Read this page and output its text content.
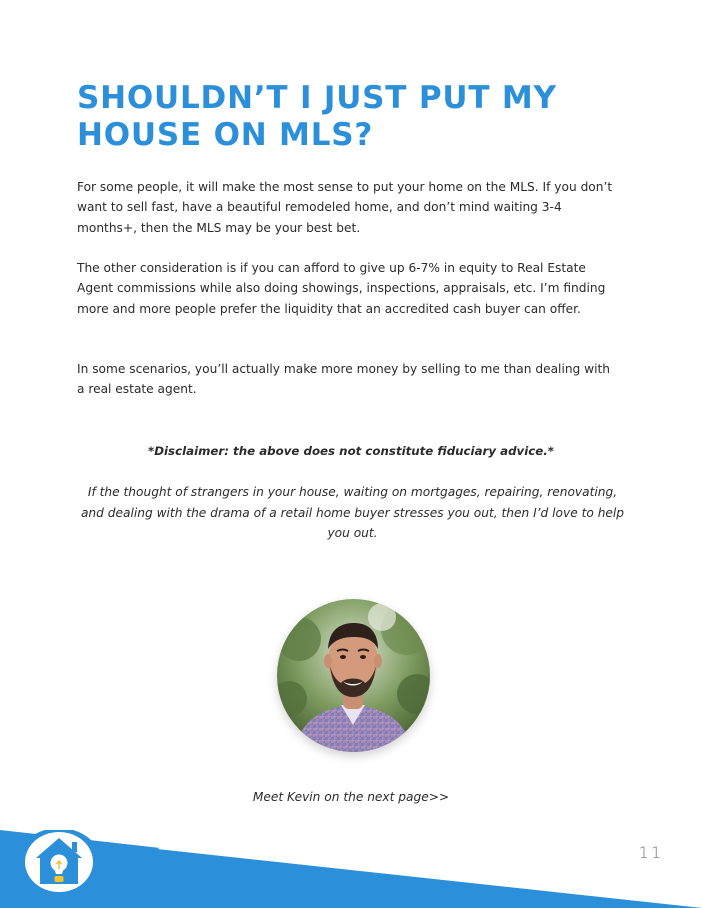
SHOULDN’T I JUST PUT MY
HOUSE ON MLS?

For some people, it will make the most sense to put your home on the MLS. If you don’t want to sell fast, have a beautiful remodeled home, and don’t mind waiting 3-4 months+, then the MLS may be your best bet.

The other consideration is if you can afford to give up 6-7% in equity to Real Estate Agent commissions while also doing showings, inspections, appraisals, etc. I’m finding more and more people prefer the liquidity that an accredited cash buyer can offer.

In some scenarios, you’ll actually make more money by selling to me than dealing with a real estate agent.

*Disclaimer: the above does not constitute fiduciary advice.*

If the thought of strangers in your house, waiting on mortgages, repairing, renovating, and dealing with the drama of a retail home buyer stresses you out, then I’d love to help you out.

Meet Kevin on the next page>>

11
